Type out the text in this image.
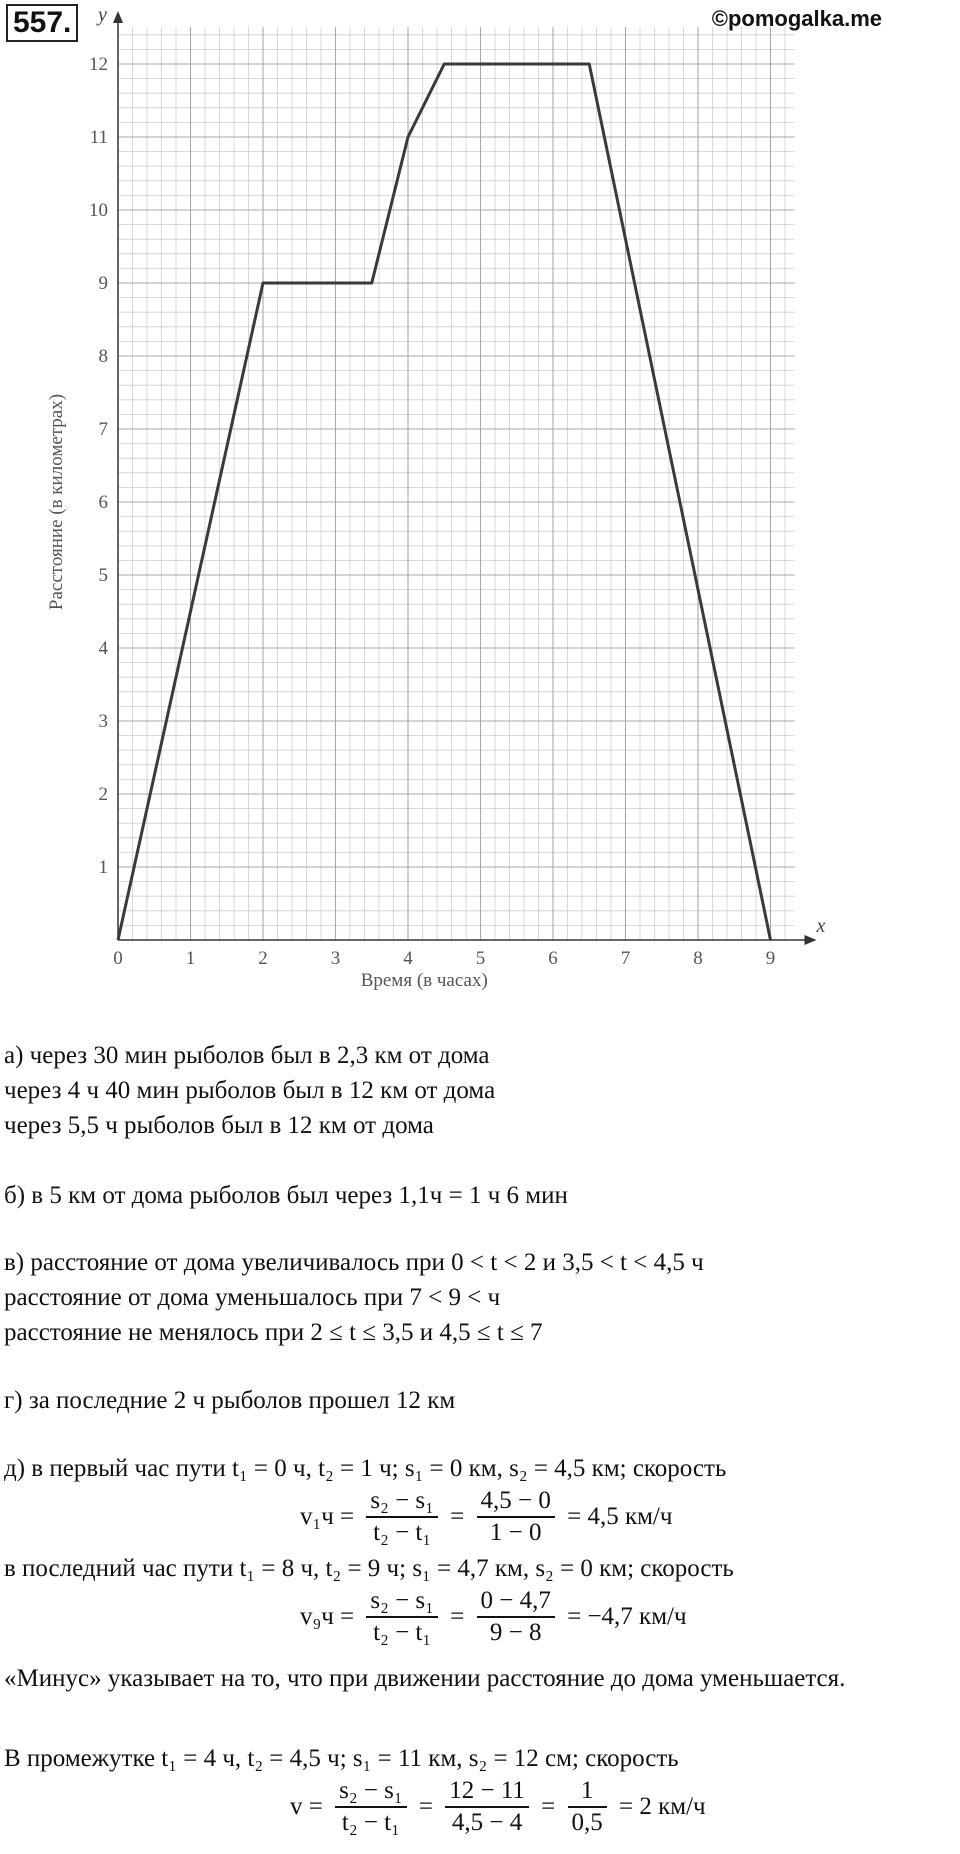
557.	©pomogalka.me
0	1	2	3	4	5	6	7	8	9
1
2
3
4
5
6
7
8
9
10
11
12
x
y
Время (в часах)
Расстояние (в километрах)
а) через 30 мин рыболов был в 2,3 км от дома
через 4 ч 40 мин рыболов был в 12 км от дома
через 5,5 ч рыболов был в 12 км от дома
б) в 5 км от дома рыболов был через 1,1ч = 1 ч 6 мин
в) расстояние от дома увеличивалось при 0 < t < 2 и 3,5 < t < 4,5 ч
расстояние от дома уменьшалось при 7 < 9 < ч
расстояние не менялось при 2 ≤ t ≤ 3,5 и 4,5 ≤ t ≤ 7
г) за последние 2 ч рыболов прошел 12 км
д) в первый час пути t₁ = 0 ч, t₂ = 1 ч; s₁ = 0 км, s₂ = 4,5 км; скорость
$v_1ч = \frac{\text{s₂ − s₁}}{\text{t₂ − t₁}} = \frac{4,5 - 0}{1 - 0} = 4,5$ км/ч
в последний час пути t₁ = 8 ч, t₂ = 9 ч; s₁ = 4,7 км, s₂ = 0 км; скорость
$v_9ч = \frac{\text{s₂ − s₁}}{\text{t₂ − t₁}} = \frac{0 - 4,7}{9 - 8} = -4,7$ км/ч
«Минус» указывает на то, что при движении расстояние до дома уменьшается.
В промежутке t₁ = 4 ч, t₂ = 4,5 ч; s₁ = 11 км, s₂ = 12 см; скорость
$v = \frac{\text{s₂ − s₁}}{\text{t₂ − t₁}} = \frac{12 - 11}{4,5 - 4} = \frac{1}{0,5} = 2$ км/ч
